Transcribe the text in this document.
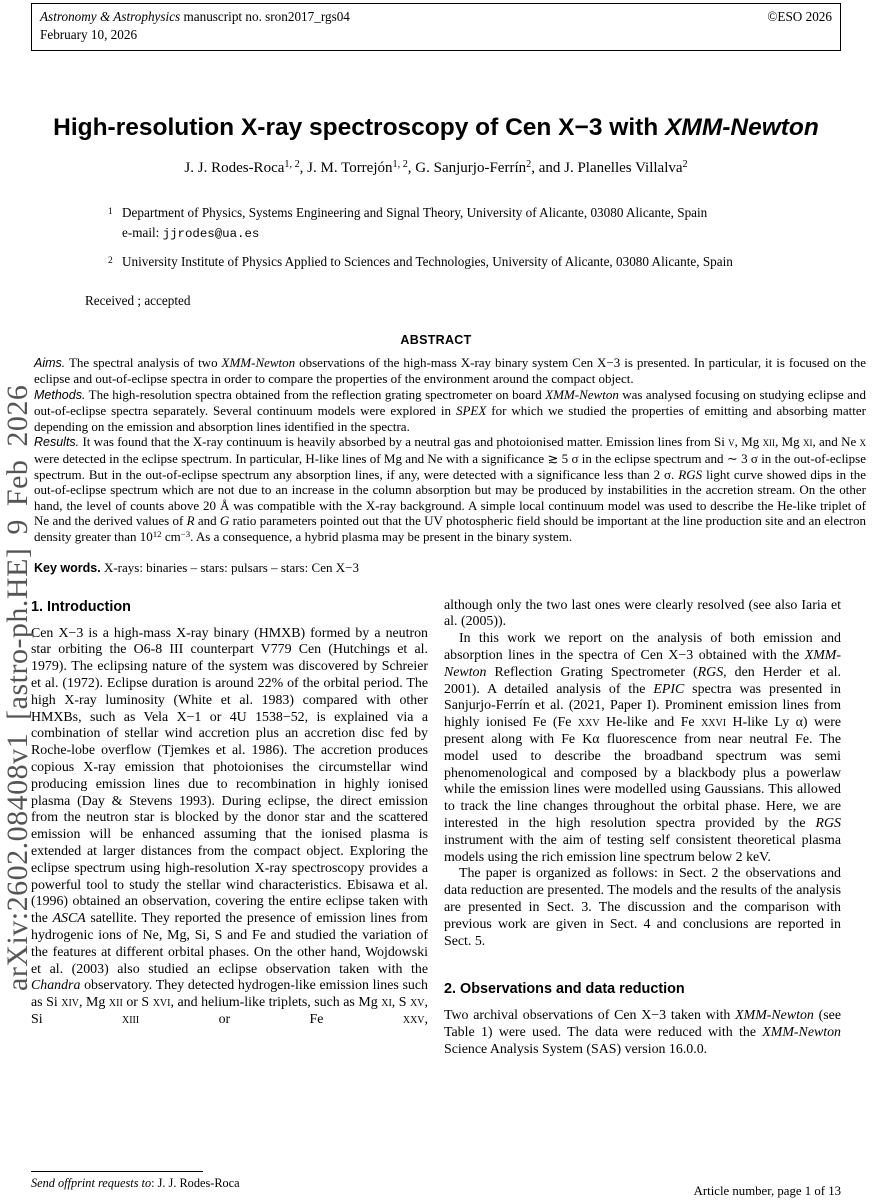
Astronomy & Astrophysics manuscript no. sron2017_rgs04
February 10, 2026
©ESO 2026
arXiv:2602.08408v1 [astro-ph.HE] 9 Feb 2026
High-resolution X-ray spectroscopy of Cen X−3 with XMM-Newton
J. J. Rodes-Roca$^{1, 2}$, J. M. Torrejón$^{1, 2}$, G. Sanjurjo-Ferrín$^2$, and J. Planelles Villalva$^2$
1 Department of Physics, Systems Engineering and Signal Theory, University of Alicante, 03080 Alicante, Spain
e-mail: jjrodes@ua.es
2 University Institute of Physics Applied to Sciences and Technologies, University of Alicante, 03080 Alicante, Spain
Received ; accepted
ABSTRACT

Aims. The spectral analysis of two XMM-Newton observations of the high-mass X-ray binary system Cen X−3 is presented. In particular, it is focused on the eclipse and out-of-eclipse spectra in order to compare the properties of the environment around the compact object.

Methods. The high-resolution spectra obtained from the reflection grating spectrometer on board XMM-Newton was analysed focusing on studying eclipse and out-of-eclipse spectra separately. Several continuum models were explored in SPEX for which we studied the properties of emitting and absorbing matter depending on the emission and absorption lines identified in the spectra.

Results. It was found that the X-ray continuum is heavily absorbed by a neutral gas and photoionised matter. Emission lines from Si v, Mg xii, Mg xi, and Ne x were detected in the eclipse spectrum. In particular, H-like lines of Mg and Ne with a significance ≳ 5 σ in the eclipse spectrum and ∼ 3 σ in the out-of-eclipse spectrum. But in the out-of-eclipse spectrum any absorption lines, if any, were detected with a significance less than 2 σ. RGS light curve showed dips in the out-of-eclipse spectrum which are not due to an increase in the column absorption but may be produced by instabilities in the accretion stream. On the other hand, the level of counts above 20 Å was compatible with the X-ray background. A simple local continuum model was used to describe the He-like triplet of Ne and the derived values of R and G ratio parameters pointed out that the UV photospheric field should be important at the line production site and an electron density greater than $10^{12}$ $cm^{-3}$. As a consequence, a hybrid plasma may be present in the binary system.

Key words. X-rays: binaries – stars: pulsars – stars: Cen X−3
1. Introduction

Cen X−3 is a high-mass X-ray binary (HMXB) formed by a neutron star orbiting the O6-8 III counterpart V779 Cen (Hutchings et al. 1979). The eclipsing nature of the system was discovered by Schreier et al. (1972). Eclipse duration is around 22% of the orbital period. The high X-ray luminosity (White et al. 1983) compared with other HMXBs, such as Vela X−1 or 4U 1538−52, is explained via a combination of stellar wind accretion plus an accretion disc fed by Roche-lobe overflow (Tjemkes et al. 1986). The accretion produces copious X-ray emission that photoionises the circumstellar wind producing emission lines due to recombination in highly ionised plasma (Day & Stevens 1993). During eclipse, the direct emission from the neutron star is blocked by the donor star and the scattered emission will be enhanced assuming that the ionised plasma is extended at larger distances from the compact object. Exploring the eclipse spectrum using high-resolution X-ray spectroscopy provides a powerful tool to study the stellar wind characteristics. Ebisawa et al. (1996) obtained an observation, covering the entire eclipse taken with the ASCA satellite. They reported the presence of emission lines from hydrogenic ions of Ne, Mg, Si, S and Fe and studied the variation of the features at different orbital phases. On the other hand, Wojdowski et al. (2003) also studied an eclipse observation taken with the Chandra observatory. They detected hydrogen-like emission lines such as Si xiv, Mg xii or S xvi, and helium-like triplets, such as Mg xi, S xv, Si xiii or Fe xxv,

although only the two last ones were clearly resolved (see also Iaria et al. (2005)).

In this work we report on the analysis of both emission and absorption lines in the spectra of Cen X−3 obtained with the XMM-Newton Reflection Grating Spectrometer (RGS, den Herder et al. 2001). A detailed analysis of the EPIC spectra was presented in Sanjurjo-Ferrín et al. (2021, Paper I). Prominent emission lines from highly ionised Fe (Fe xxv He-like and Fe xxvi H-like Ly α) were present along with Fe Kα fluorescence from near neutral Fe. The model used to describe the broadband spectrum was semi phenomenological and composed by a blackbody plus a powerlaw while the emission lines were modelled using Gaussians. This allowed to track the line changes throughout the orbital phase. Here, we are interested in the high resolution spectra provided by the RGS instrument with the aim of testing self consistent theoretical plasma models using the rich emission line spectrum below 2 keV.

The paper is organized as follows: in Sect. 2 the observations and data reduction are presented. The models and the results of the analysis are presented in Sect. 3. The discussion and the comparison with previous work are given in Sect. 4 and conclusions are reported in Sect. 5.

2. Observations and data reduction

Two archival observations of Cen X−3 taken with XMM-Newton (see Table 1) were used. The data were reduced with the XMM-Newton Science Analysis System (SAS) version 16.0.0.

Send offprint requests to: J. J. Rodes-Roca
Article number, page 1 of 13
